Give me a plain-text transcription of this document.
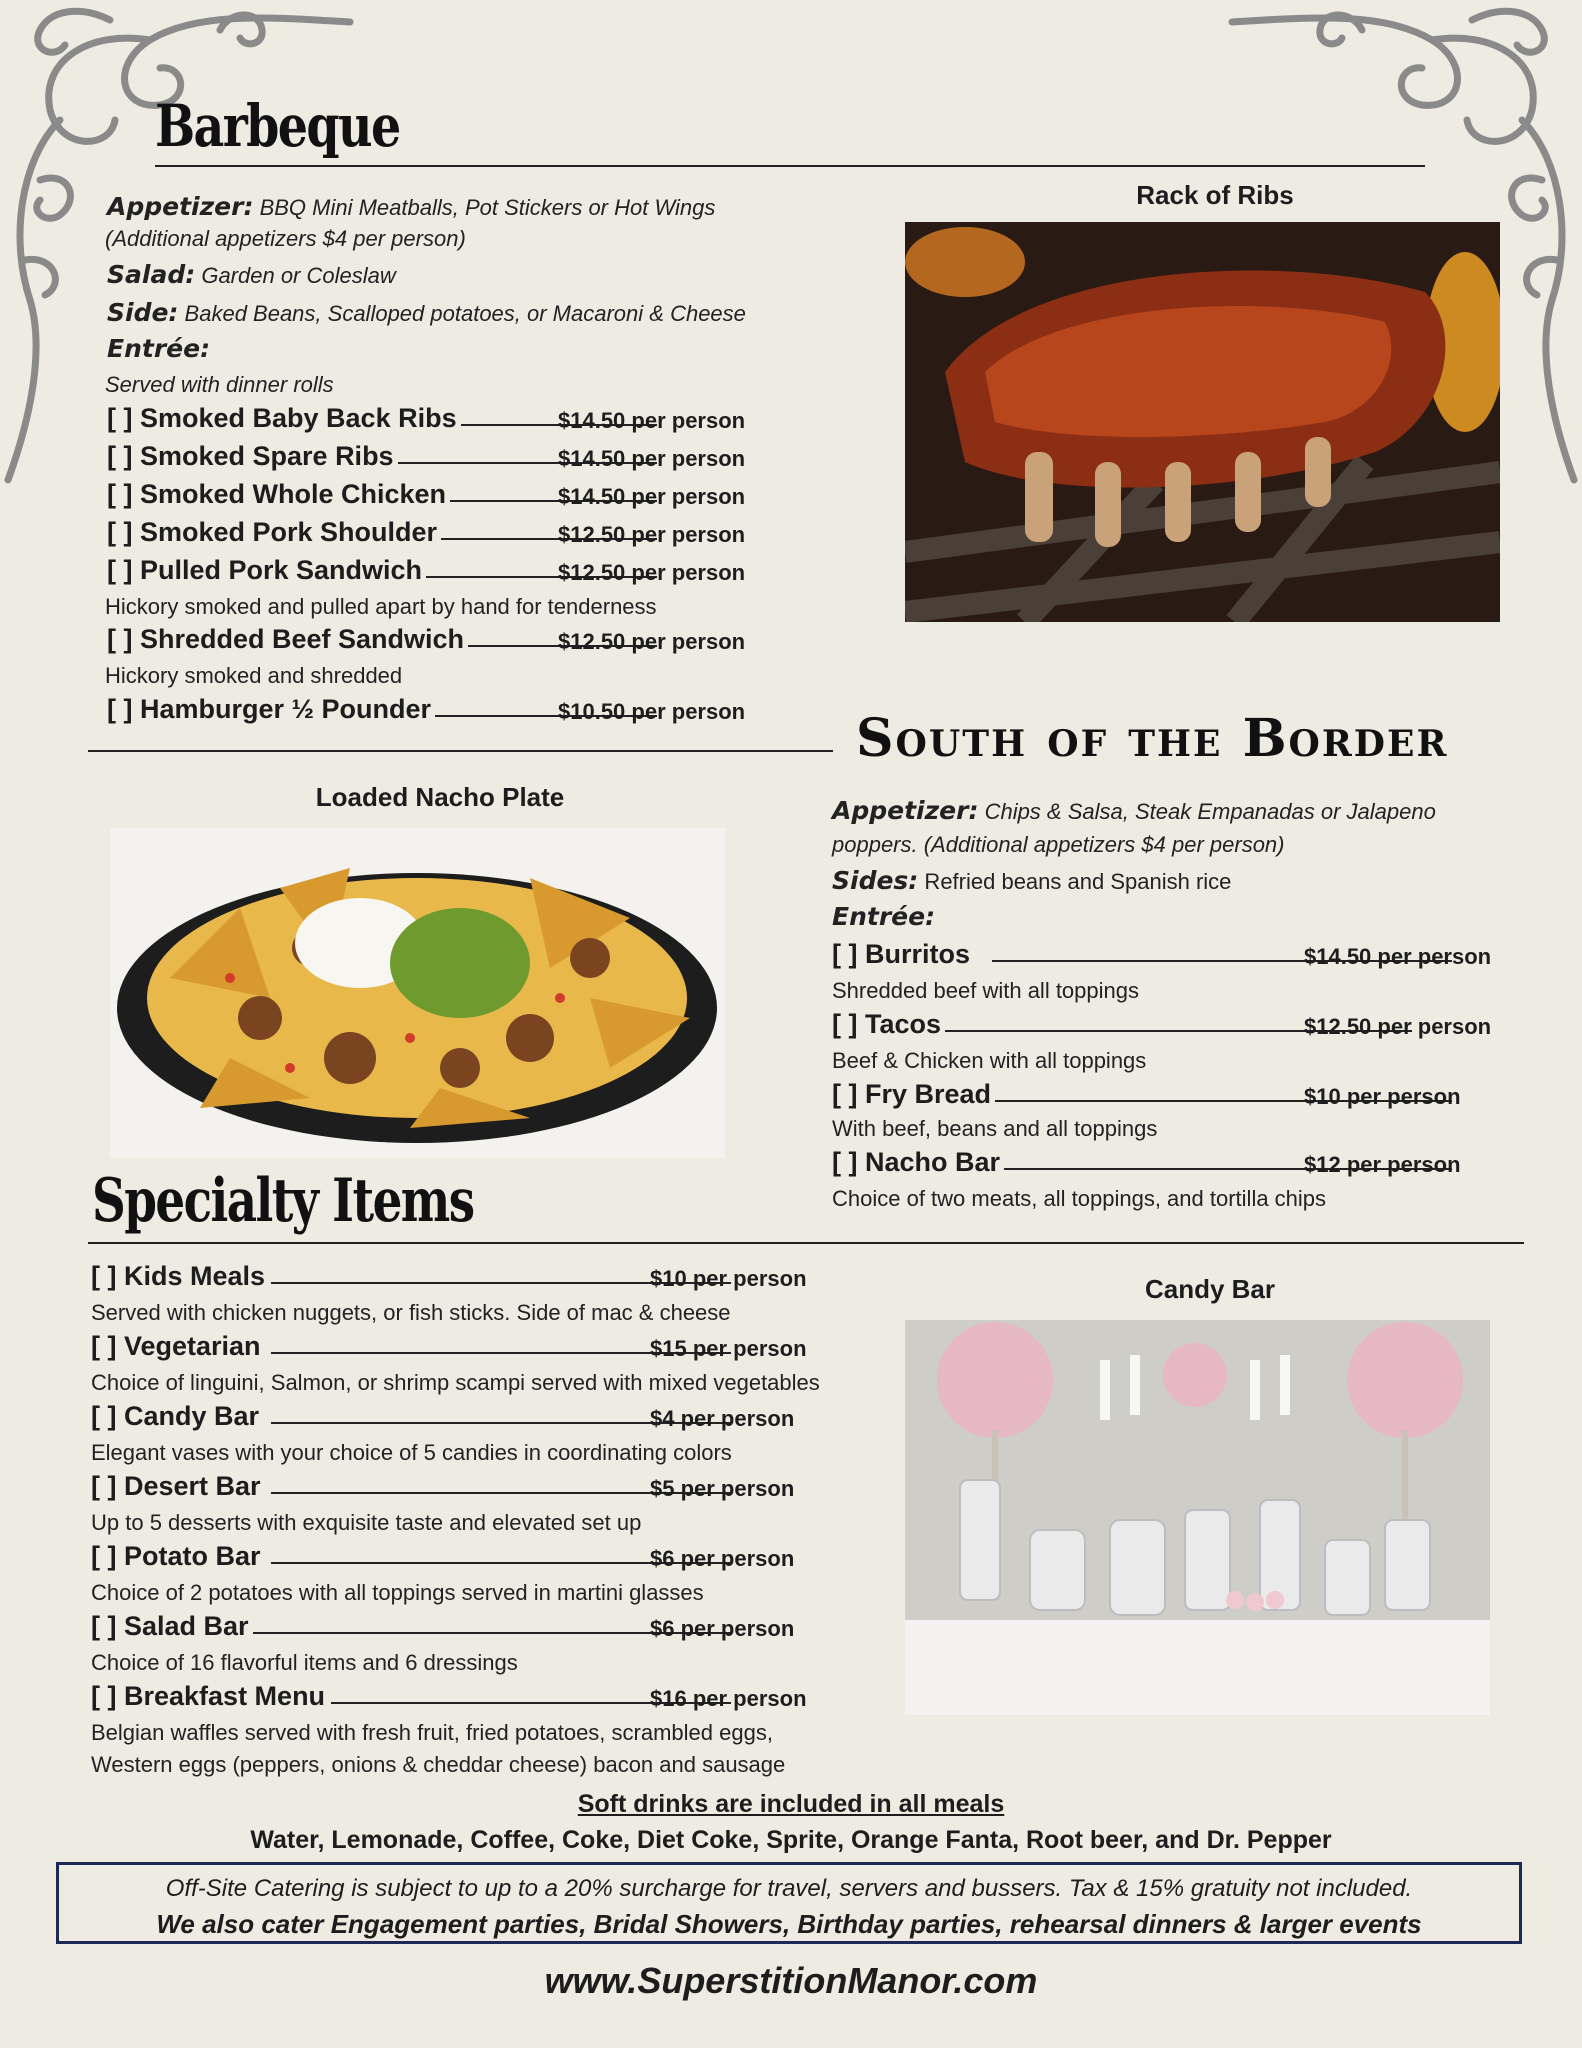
Barbeque
Appetizer: BBQ Mini Meatballs, Pot Stickers or Hot Wings
(Additional appetizers $4 per person)
Salad: Garden or Coleslaw
Side: Baked Beans, Scalloped potatoes, or Macaroni & Cheese
Entrée:
Served with dinner rolls
[ ] Smoked Baby Back Ribs	$14.50 per person
[ ] Smoked Spare Ribs	$14.50 per person
[ ] Smoked Whole Chicken	$14.50 per person
[ ] Smoked Pork Shoulder	$12.50 per person
[ ] Pulled Pork Sandwich	$12.50 per person
Hickory smoked and pulled apart by hand for tenderness
[ ] Shredded Beef Sandwich	$12.50 per person
Hickory smoked and shredded
[ ] Hamburger ½ Pounder	$10.50 per person
Rack of Ribs
South of the Border
Loaded Nacho Plate	Appetizer: Chips & Salsa, Steak Empanadas or Jalapeno
poppers. (Additional appetizers $4 per person)
Sides: Refried beans and Spanish rice
Entrée:
[ ] Burritos	$14.50 per person
Shredded beef with all toppings
[ ] Tacos	$12.50 per person
Beef & Chicken with all toppings
[ ] Fry Bread	$10 per person
With beef, beans and all toppings
[ ] Nacho Bar	$12 per person
Choice of two meats, all toppings, and tortilla chips
Specialty Items
[ ] Kids Meals	$10 per person
Served with chicken nuggets, or fish sticks. Side of mac & cheese
[ ] Vegetarian	$15 per person
Choice of linguini, Salmon, or shrimp scampi served with mixed vegetables
[ ] Candy Bar	$4 per person
Elegant vases with your choice of 5 candies in coordinating colors
[ ] Desert Bar	$5 per person
Up to 5 desserts with exquisite taste and elevated set up
[ ] Potato Bar	$6 per person
Choice of 2 potatoes with all toppings served in martini glasses
[ ] Salad Bar	$6 per person
Choice of 16 flavorful items and 6 dressings
[ ] Breakfast Menu	$16 per person
Belgian waffles served with fresh fruit, fried potatoes, scrambled eggs,
Western eggs (peppers, onions & cheddar cheese) bacon and sausage
Candy Bar
Soft drinks are included in all meals
Water, Lemonade, Coffee, Coke, Diet Coke, Sprite, Orange Fanta, Root beer, and Dr. Pepper
Off-Site Catering is subject to up to a 20% surcharge for travel, servers and bussers. Tax & 15% gratuity not included.
We also cater Engagement parties, Bridal Showers, Birthday parties, rehearsal dinners & larger events
www.SuperstitionManor.com
